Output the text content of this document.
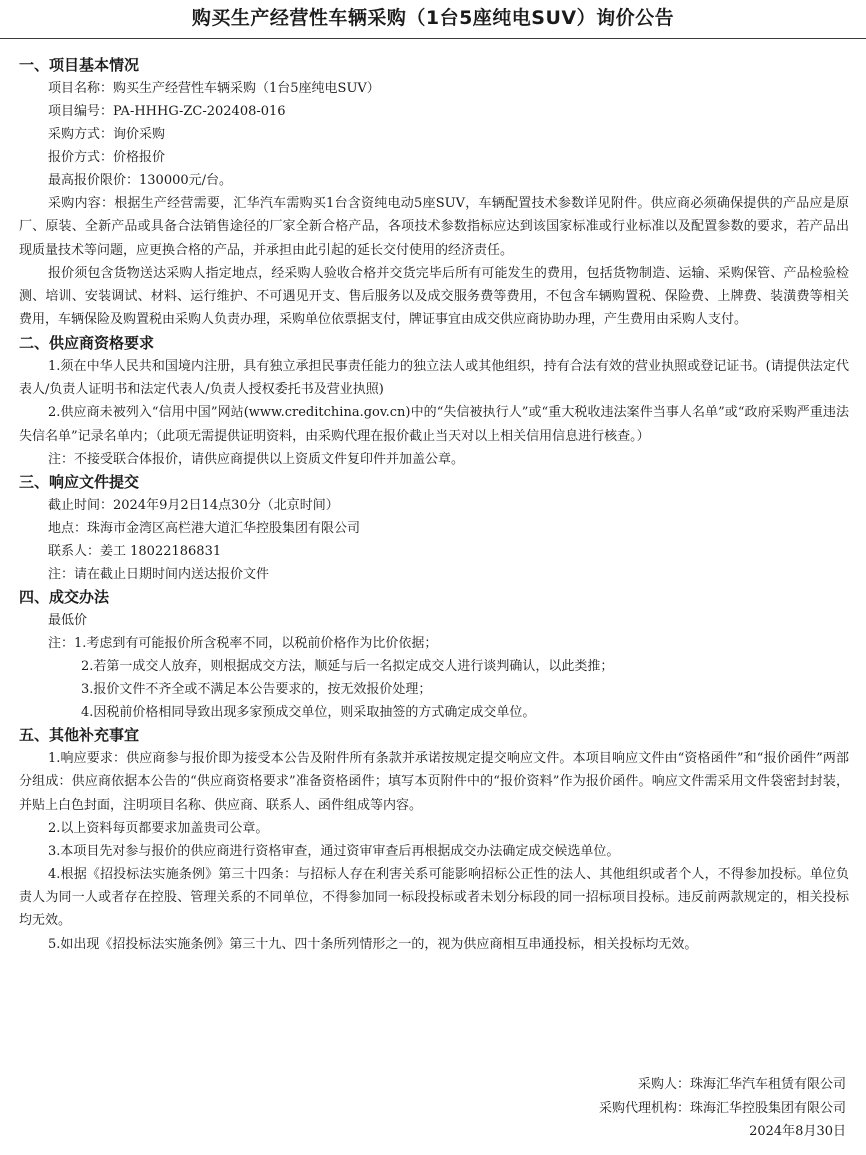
购买生产经营性车辆采购（1台5座纯电SUV）询价公告

一、项目基本情况

项目名称：购买生产经营性车辆采购（1台5座纯电SUV）

项目编号：PA-HHHG-ZC-202408-016

采购方式：询价采购

报价方式：价格报价

最高报价限价：130000元/台。

采购内容：根据生产经营需要，汇华汽车需购买1台含资纯电动5座SUV，车辆配置技术参数详见附件。供应商必须确保提供的产品应是原厂、原装、全新产品或具备合法销售途径的厂家全新合格产品，各项技术参数指标应达到该国家标准或行业标准以及配置参数的要求，若产品出现质量技术等问题，应更换合格的产品，并承担由此引起的延长交付使用的经济责任。

报价须包含货物送达采购人指定地点，经采购人验收合格并交货完毕后所有可能发生的费用，包括货物制造、运输、采购保管、产品检验检测、培训、安装调试、材料、运行维护、不可遇见开支、售后服务以及成交服务费等费用，不包含车辆购置税、保险费、上牌费、装潢费等相关费用，车辆保险及购置税由采购人负责办理，采购单位依票据支付，牌证事宜由成交供应商协助办理，产生费用由采购人支付。

二、供应商资格要求

1.须在中华人民共和国境内注册，具有独立承担民事责任能力的独立法人或其他组织，持有合法有效的营业执照或登记证书。(请提供法定代表人/负责人证明书和法定代表人/负责人授权委托书及营业执照)

2.供应商未被列入“信用中国”网站(www.creditchina.gov.cn)中的“失信被执行人”或“重大税收违法案件当事人名单”或“政府采购严重违法失信名单”记录名单内；（此项无需提供证明资料，由采购代理在报价截止当天对以上相关信用信息进行核查。）

注：不接受联合体报价，请供应商提供以上资质文件复印件并加盖公章。

三、响应文件提交

截止时间：2024年9月2日14点30分（北京时间）

地点：珠海市金湾区高栏港大道汇华控股集团有限公司

联系人：姜工 18022186831

注：请在截止日期时间内送达报价文件

四、成交办法

最低价

注：1.考虑到有可能报价所含税率不同，以税前价格作为比价依据；

2.若第一成交人放弃，则根据成交方法，顺延与后一名拟定成交人进行谈判确认，以此类推；

3.报价文件不齐全或不满足本公告要求的，按无效报价处理；

4.因税前价格相同导致出现多家预成交单位，则采取抽签的方式确定成交单位。

五、其他补充事宜

1.响应要求：供应商参与报价即为接受本公告及附件所有条款并承诺按规定提交响应文件。本项目响应文件由“资格函件”和“报价函件”两部分组成：供应商依据本公告的“供应商资格要求”准备资格函件；填写本页附件中的“报价资料”作为报价函件。响应文件需采用文件袋密封封装，并贴上白色封面，注明项目名称、供应商、联系人、函件组成等内容。

2.以上资料每页都要求加盖贵司公章。

3.本项目先对参与报价的供应商进行资格审查，通过资审审查后再根据成交办法确定成交候选单位。

4.根据《招投标法实施条例》第三十四条：与招标人存在利害关系可能影响招标公正性的法人、其他组织或者个人，不得参加投标。单位负责人为同一人或者存在控股、管理关系的不同单位，不得参加同一标段投标或者未划分标段的同一招标项目投标。违反前两款规定的，相关投标均无效。

5.如出现《招投标法实施条例》第三十九、四十条所列情形之一的，视为供应商相互串通投标，相关投标均无效。

采购人：珠海汇华汽车租赁有限公司

采购代理机构：珠海汇华控股集团有限公司

2024年8月30日
